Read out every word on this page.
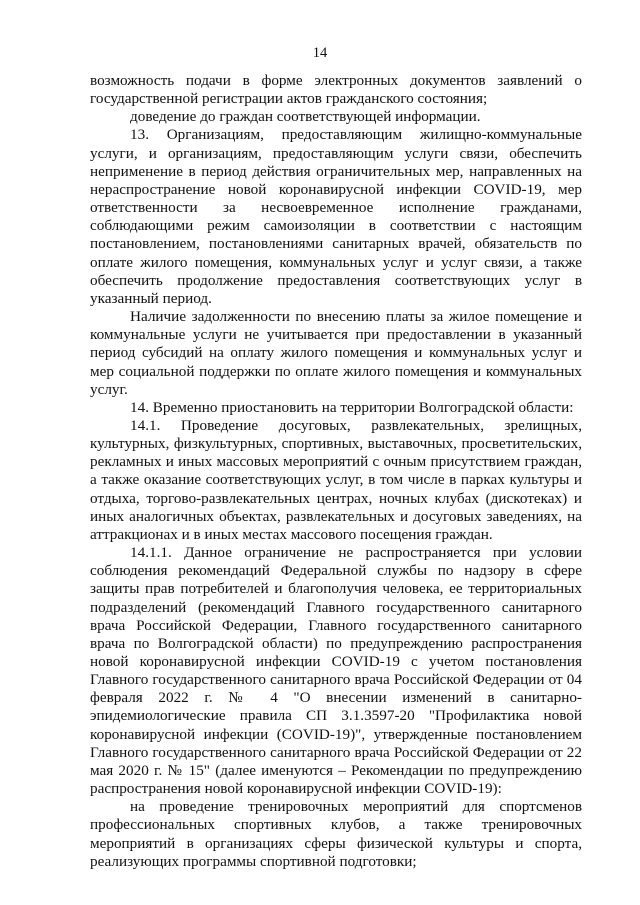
14

возможность подачи в форме электронных документов заявлений о государственной регистрации актов гражданского состояния;

доведение до граждан соответствующей информации.

13. Организациям, предоставляющим жилищно-коммунальные услуги, и организациям, предоставляющим услуги связи, обеспечить неприменение в период действия ограничительных мер, направленных на нераспространение новой коронавирусной инфекции COVID-19, мер ответственности за несвоевременное исполнение гражданами, соблюдающими режим самоизоляции в соответствии с настоящим постановлением, постановлениями санитарных врачей, обязательств по оплате жилого помещения, коммунальных услуг и услуг связи, а также обеспечить продолжение предоставления соответствующих услуг в указанный период.

Наличие задолженности по внесению платы за жилое помещение и коммунальные услуги не учитывается при предоставлении в указанный период субсидий на оплату жилого помещения и коммунальных услуг и мер социальной поддержки по оплате жилого помещения и коммунальных услуг.

14. Временно приостановить на территории Волгоградской области:

14.1. Проведение досуговых, развлекательных, зрелищных, культурных, физкультурных, спортивных, выставочных, просветительских, рекламных и иных массовых мероприятий с очным присутствием граждан, а также оказание соответствующих услуг, в том числе в парках культуры и отдыха, торгово-развлекательных центрах, ночных клубах (дискотеках) и иных аналогичных объектах, развлекательных и досуговых заведениях, на аттракционах и в иных местах массового посещения граждан.

14.1.1. Данное ограничение не распространяется при условии соблюдения рекомендаций Федеральной службы по надзору в сфере защиты прав потребителей и благополучия человека, ее территориальных подразделений (рекомендаций Главного государственного санитарного врача Российской Федерации, Главного государственного санитарного врача по Волгоградской области) по предупреждению распространения новой коронавирусной инфекции COVID-19 с учетом постановления Главного государственного санитарного врача Российской Федерации от 04 февраля 2022 г. № 4 "О внесении изменений в санитарно-эпидемиологические правила СП 3.1.3597-20 "Профилактика новой коронавирусной инфекции (COVID-19)", утвержденные постановлением Главного государственного санитарного врача Российской Федерации от 22 мая 2020 г. № 15" (далее именуются – Рекомендации по предупреждению распространения новой коронавирусной инфекции COVID-19):

на проведение тренировочных мероприятий для спортсменов профессиональных спортивных клубов, а также тренировочных мероприятий в организациях сферы физической культуры и спорта, реализующих программы спортивной подготовки;
